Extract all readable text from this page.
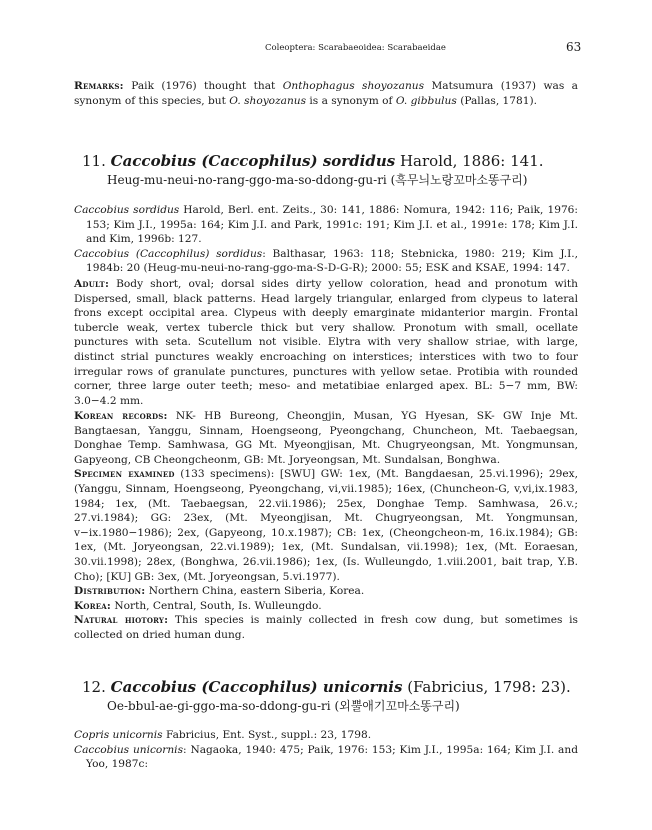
Coleoptera: Scarabaeoidea: Scarabaeidae	63
Remarks: Paik (1976) thought that Onthophagus shoyozanus Matsumura (1937) was a synonym of this species, but O. shoyozanus is a synonym of O. gibbulus (Pallas, 1781).
11. Caccobius (Caccophilus) sordidus Harold, 1886: 141.
Heug-mu-neui-no-rang-ggo-ma-so-ddong-gu-ri (흑무늬노랑꼬마소똥구리)
Caccobius sordidus Harold, Berl. ent. Zeits., 30: 141, 1886: Nomura, 1942: 116; Paik, 1976: 153; Kim J.I., 1995a: 164; Kim J.I. and Park, 1991c: 191; Kim J.I. et al., 1991e: 178; Kim J.I. and Kim, 1996b: 127.
Caccobius (Caccophilus) sordidus: Balthasar, 1963: 118; Stebnicka, 1980: 219; Kim J.I., 1984b: 20 (Heug-mu-neui-no-rang-ggo-ma-S-D-G-R); 2000: 55; ESK and KSAE, 1994: 147.
Adult: Body short, oval; dorsal sides dirty yellow coloration, head and pronotum with Dispersed, small, black patterns. Head largely triangular, enlarged from clypeus to lateral frons except occipital area. Clypeus with deeply emarginate midanterior margin. Frontal tubercle weak, vertex tubercle thick but very shallow. Pronotum with small, ocellate punctures with seta. Scutellum not visible. Elytra with very shallow striae, with large, distinct strial punctures weakly encroaching on interstices; interstices with two to four irregular rows of granulate punctures, punctures with yellow setae. Protibia with rounded corner, three large outer teeth; meso- and metatibiae enlarged apex. BL: 5−7 mm, BW: 3.0−4.2 mm.
Korean records: NK- HB Bureong, Cheongjin, Musan, YG Hyesan, SK- GW Inje Mt. Bangtaesan, Yanggu, Sinnam, Hoengseong, Pyeongchang, Chuncheon, Mt. Taebaegsan, Donghae Temp. Samhwasa, GG Mt. Myeongjisan, Mt. Chugryeongsan, Mt. Yongmunsan, Gapyeong, CB Cheongcheonm, GB: Mt. Joryeongsan, Mt. Sundalsan, Bonghwa.
Specimen examined (133 specimens): [SWU] GW: 1ex, (Mt. Bangdaesan, 25.vi.1996); 29ex, (Yanggu, Sinnam, Hoengseong, Pyeongchang, vi,vii.1985); 16ex, (Chuncheon-G, v,vi,ix.1983, 1984; 1ex, (Mt. Taebaegsan, 22.vii.1986); 25ex, Donghae Temp. Samhwasa, 26.v.; 27.vi.1984); GG: 23ex, (Mt. Myeongjisan, Mt. Chugryeongsan, Mt. Yongmunsan, v−ix.1980−1986); 2ex, (Gapyeong, 10.x.1987); CB: 1ex, (Cheongcheon-m, 16.ix.1984); GB: 1ex, (Mt. Joryeongsan, 22.vi.1989); 1ex, (Mt. Sundalsan, vii.1998); 1ex, (Mt. Eoraesan, 30.vii.1998); 28ex, (Bonghwa, 26.vii.1986); 1ex, (Is. Wulleungdo, 1.viii.2001, bait trap, Y.B. Cho); [KU] GB: 3ex, (Mt. Joryeongsan, 5.vi.1977).
Distribution: Northern China, eastern Siberia, Korea.
Korea: North, Central, South, Is. Wulleungdo.
Natural hiotory: This species is mainly collected in fresh cow dung, but sometimes is collected on dried human dung.
12. Caccobius (Caccophilus) unicornis (Fabricius, 1798: 23).
Oe-bbul-ae-gi-ggo-ma-so-ddong-gu-ri (외뿔애기꼬마소똥구리)
Copris unicornis Fabricius, Ent. Syst., suppl.: 23, 1798.
Caccobius unicornis: Nagaoka, 1940: 475; Paik, 1976: 153; Kim J.I., 1995a: 164; Kim J.I. and Yoo, 1987c:
